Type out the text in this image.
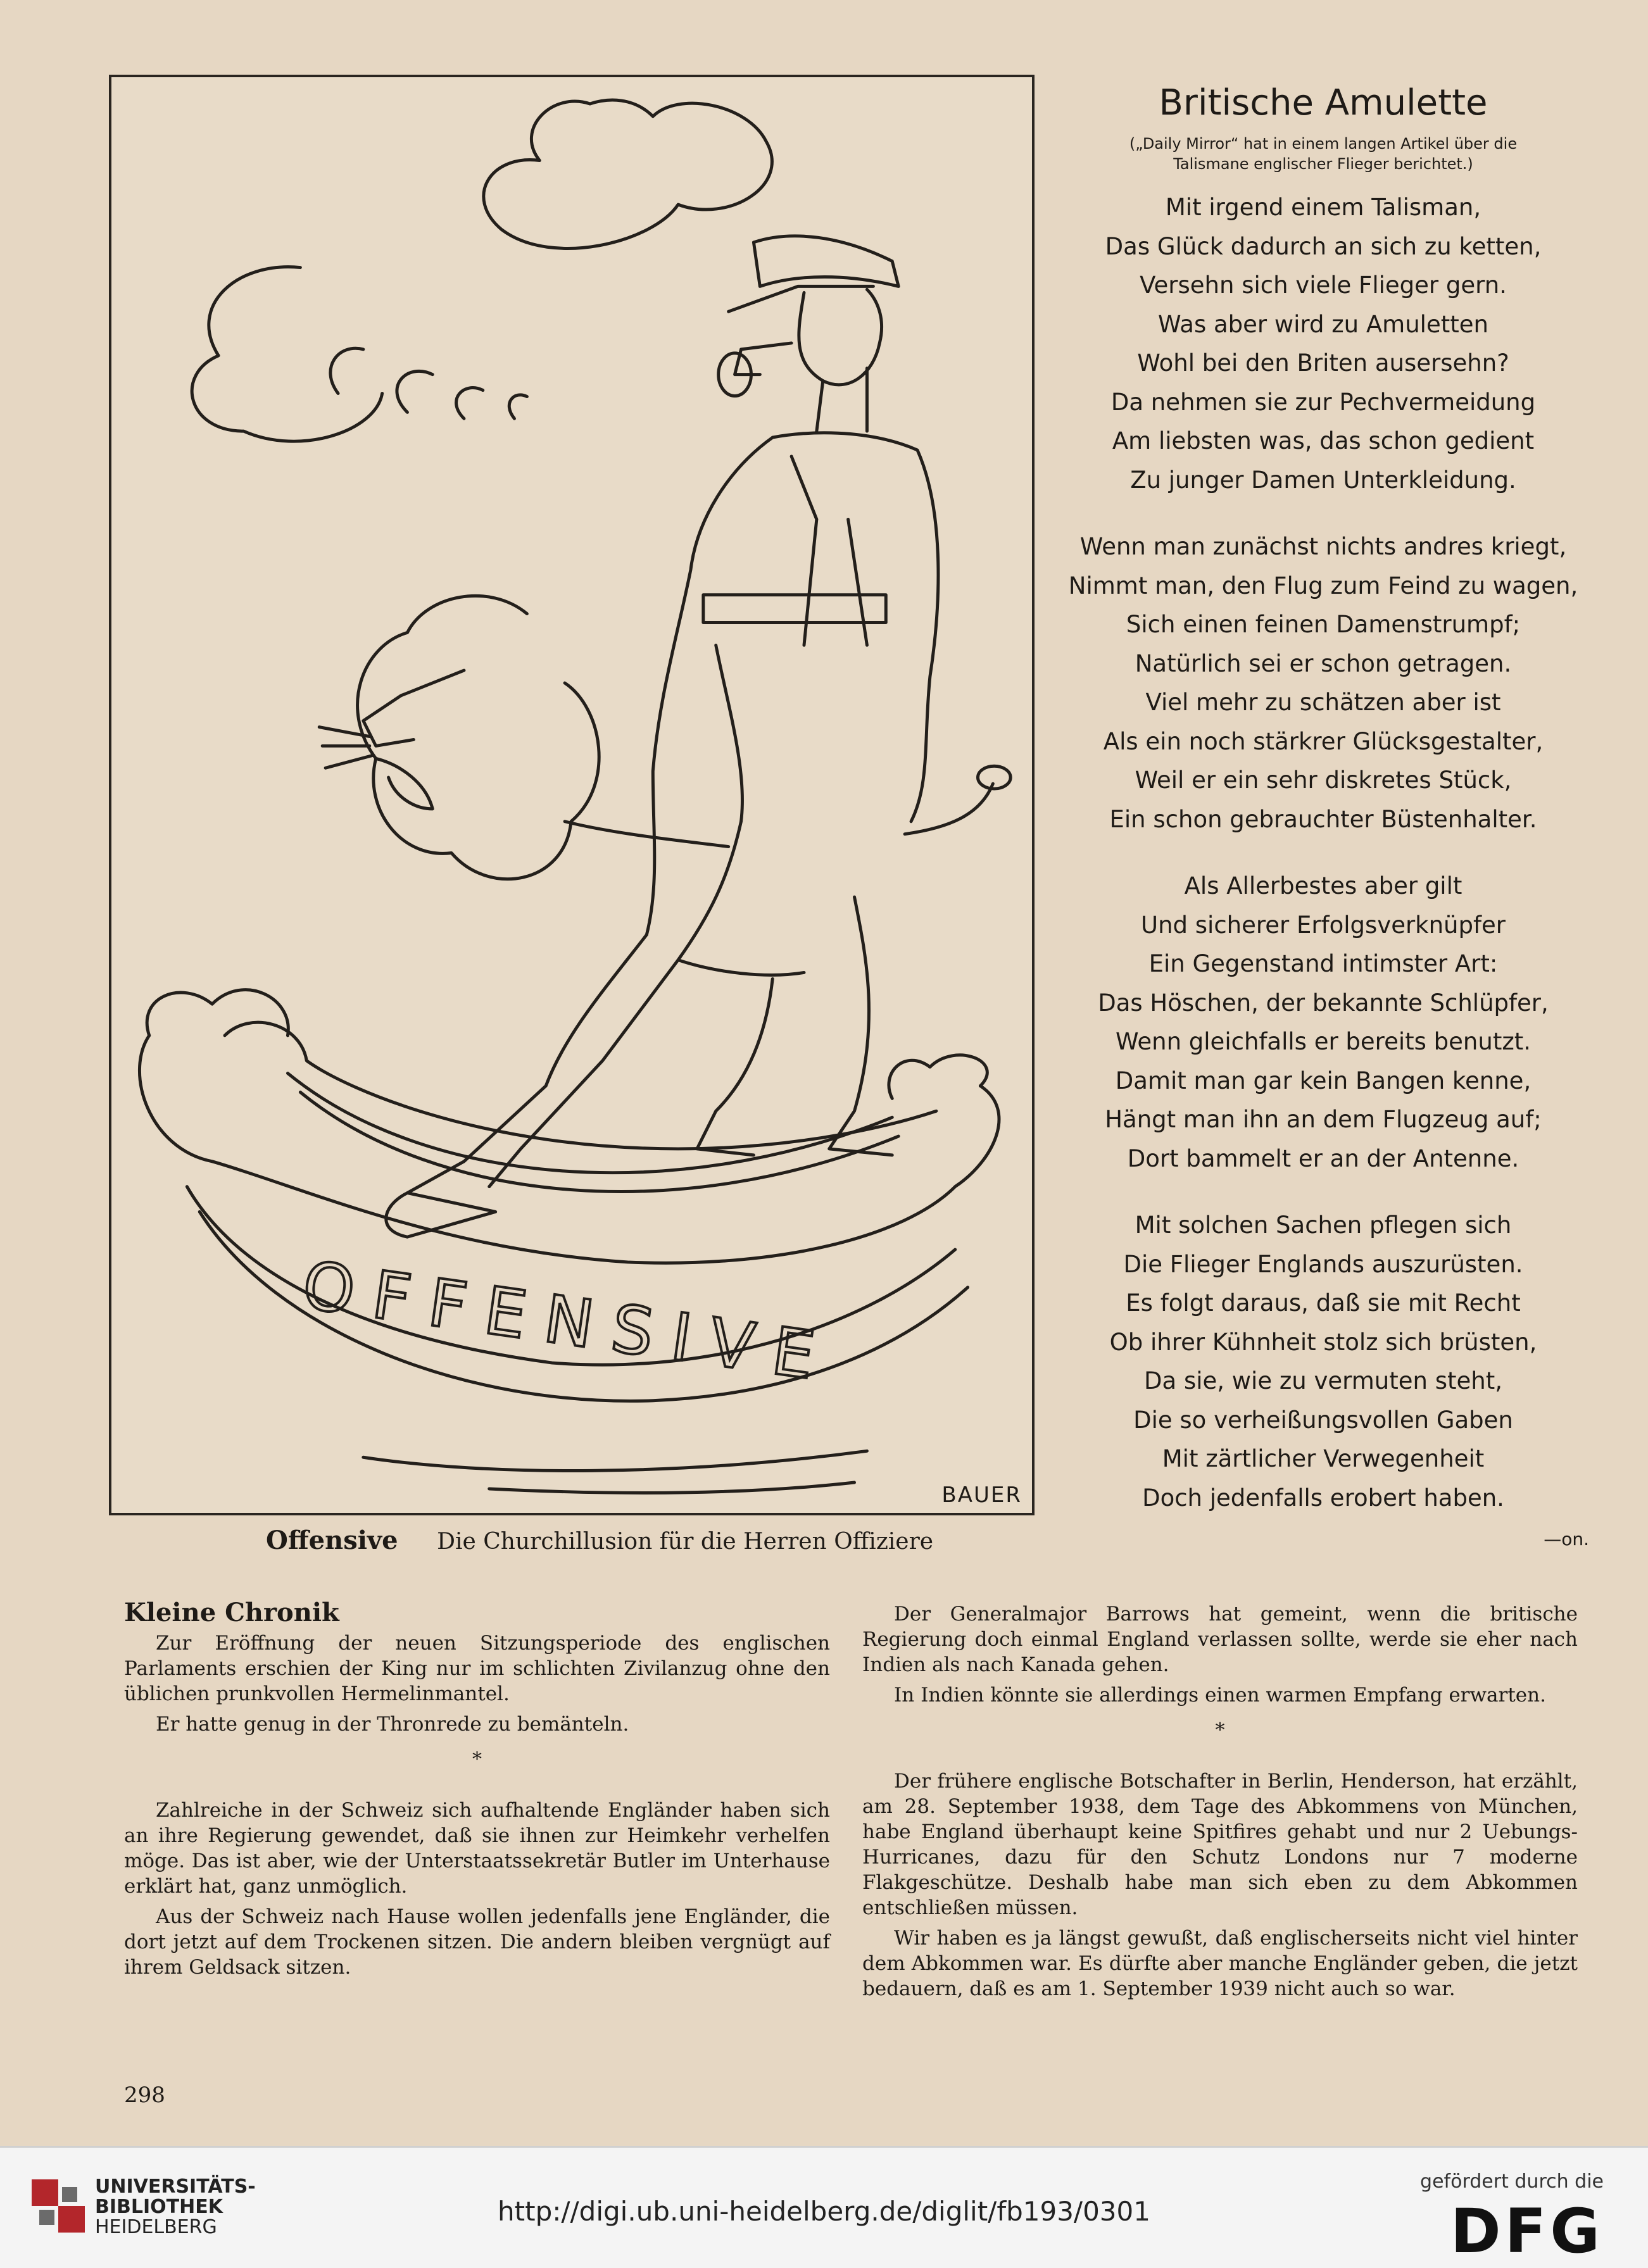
OFFENSIVE
BAUER
Offensive Die Churchillusion für die Herren Offiziere
Britische Amulette
(„Daily Mirror“ hat in einem langen Artikel über die
Talismane englischer Flieger berichtet.)
Mit irgend einem Talisman,
Das Glück dadurch an sich zu ketten,
Versehn sich viele Flieger gern.
Was aber wird zu Amuletten
Wohl bei den Briten ausersehn?
Da nehmen sie zur Pechvermeidung
Am liebsten was, das schon gedient
Zu junger Damen Unterkleidung.
Wenn man zunächst nichts andres kriegt,
Nimmt man, den Flug zum Feind zu wagen,
Sich einen feinen Damenstrumpf;
Natürlich sei er schon getragen.
Viel mehr zu schätzen aber ist
Als ein noch stärkrer Glücksgestalter,
Weil er ein sehr diskretes Stück,
Ein schon gebrauchter Büstenhalter.
Als Allerbestes aber gilt
Und sicherer Erfolgsverknüpfer
Ein Gegenstand intimster Art:
Das Höschen, der bekannte Schlüpfer,
Wenn gleichfalls er bereits benutzt.
Damit man gar kein Bangen kenne,
Hängt man ihn an dem Flugzeug auf;
Dort bammelt er an der Antenne.
Mit solchen Sachen pflegen sich
Die Flieger Englands auszurüsten.
Es folgt daraus, daß sie mit Recht
Ob ihrer Kühnheit stolz sich brüsten,
Da sie, wie zu vermuten steht,
Die so verheißungsvollen Gaben
Mit zärtlicher Verwegenheit
Doch jedenfalls erobert haben.
—on.
Kleine Chronik
Zur Eröffnung der neuen Sitzungsperiode des englischen Parlaments erschien der King nur im schlichten Zivilanzug ohne den üblichen prunkvollen Hermelinmantel.
Er hatte genug in der Thronrede zu bemänteln.
*
Zahlreiche in der Schweiz sich aufhaltende Engländer haben sich an ihre Regierung gewendet, daß sie ihnen zur Heimkehr verhelfen möge. Das ist aber, wie der Unterstaatssekretär Butler im Unterhause erklärt hat, ganz unmöglich.
Aus der Schweiz nach Hause wollen jedenfalls jene Engländer, die dort jetzt auf dem Trockenen sitzen. Die andern bleiben vergnügt auf ihrem Geldsack sitzen.
Der Generalmajor Barrows hat gemeint, wenn die britische Regierung doch einmal England verlassen sollte, werde sie eher nach Indien als nach Kanada gehen.
In Indien könnte sie allerdings einen warmen Empfang erwarten.
*
Der frühere englische Botschafter in Berlin, Henderson, hat erzählt, am 28. September 1938, dem Tage des Abkommens von München, habe England überhaupt keine Spitfires gehabt und nur 2 Uebungs-Hurricanes, dazu für den Schutz Londons nur 7 moderne Flakgeschütze. Deshalb habe man sich eben zu dem Abkommen entschließen müssen.
Wir haben es ja längst gewußt, daß englischerseits nicht viel hinter dem Abkommen war. Es dürfte aber manche Engländer geben, die jetzt bedauern, daß es am 1. September 1939 nicht auch so war.
298
UNIVERSITÄTS-
BIBLIOTHEK
HEIDELBERG
http://digi.ub.uni-heidelberg.de/diglit/fb193/0301
gefördert durch die
DFG
